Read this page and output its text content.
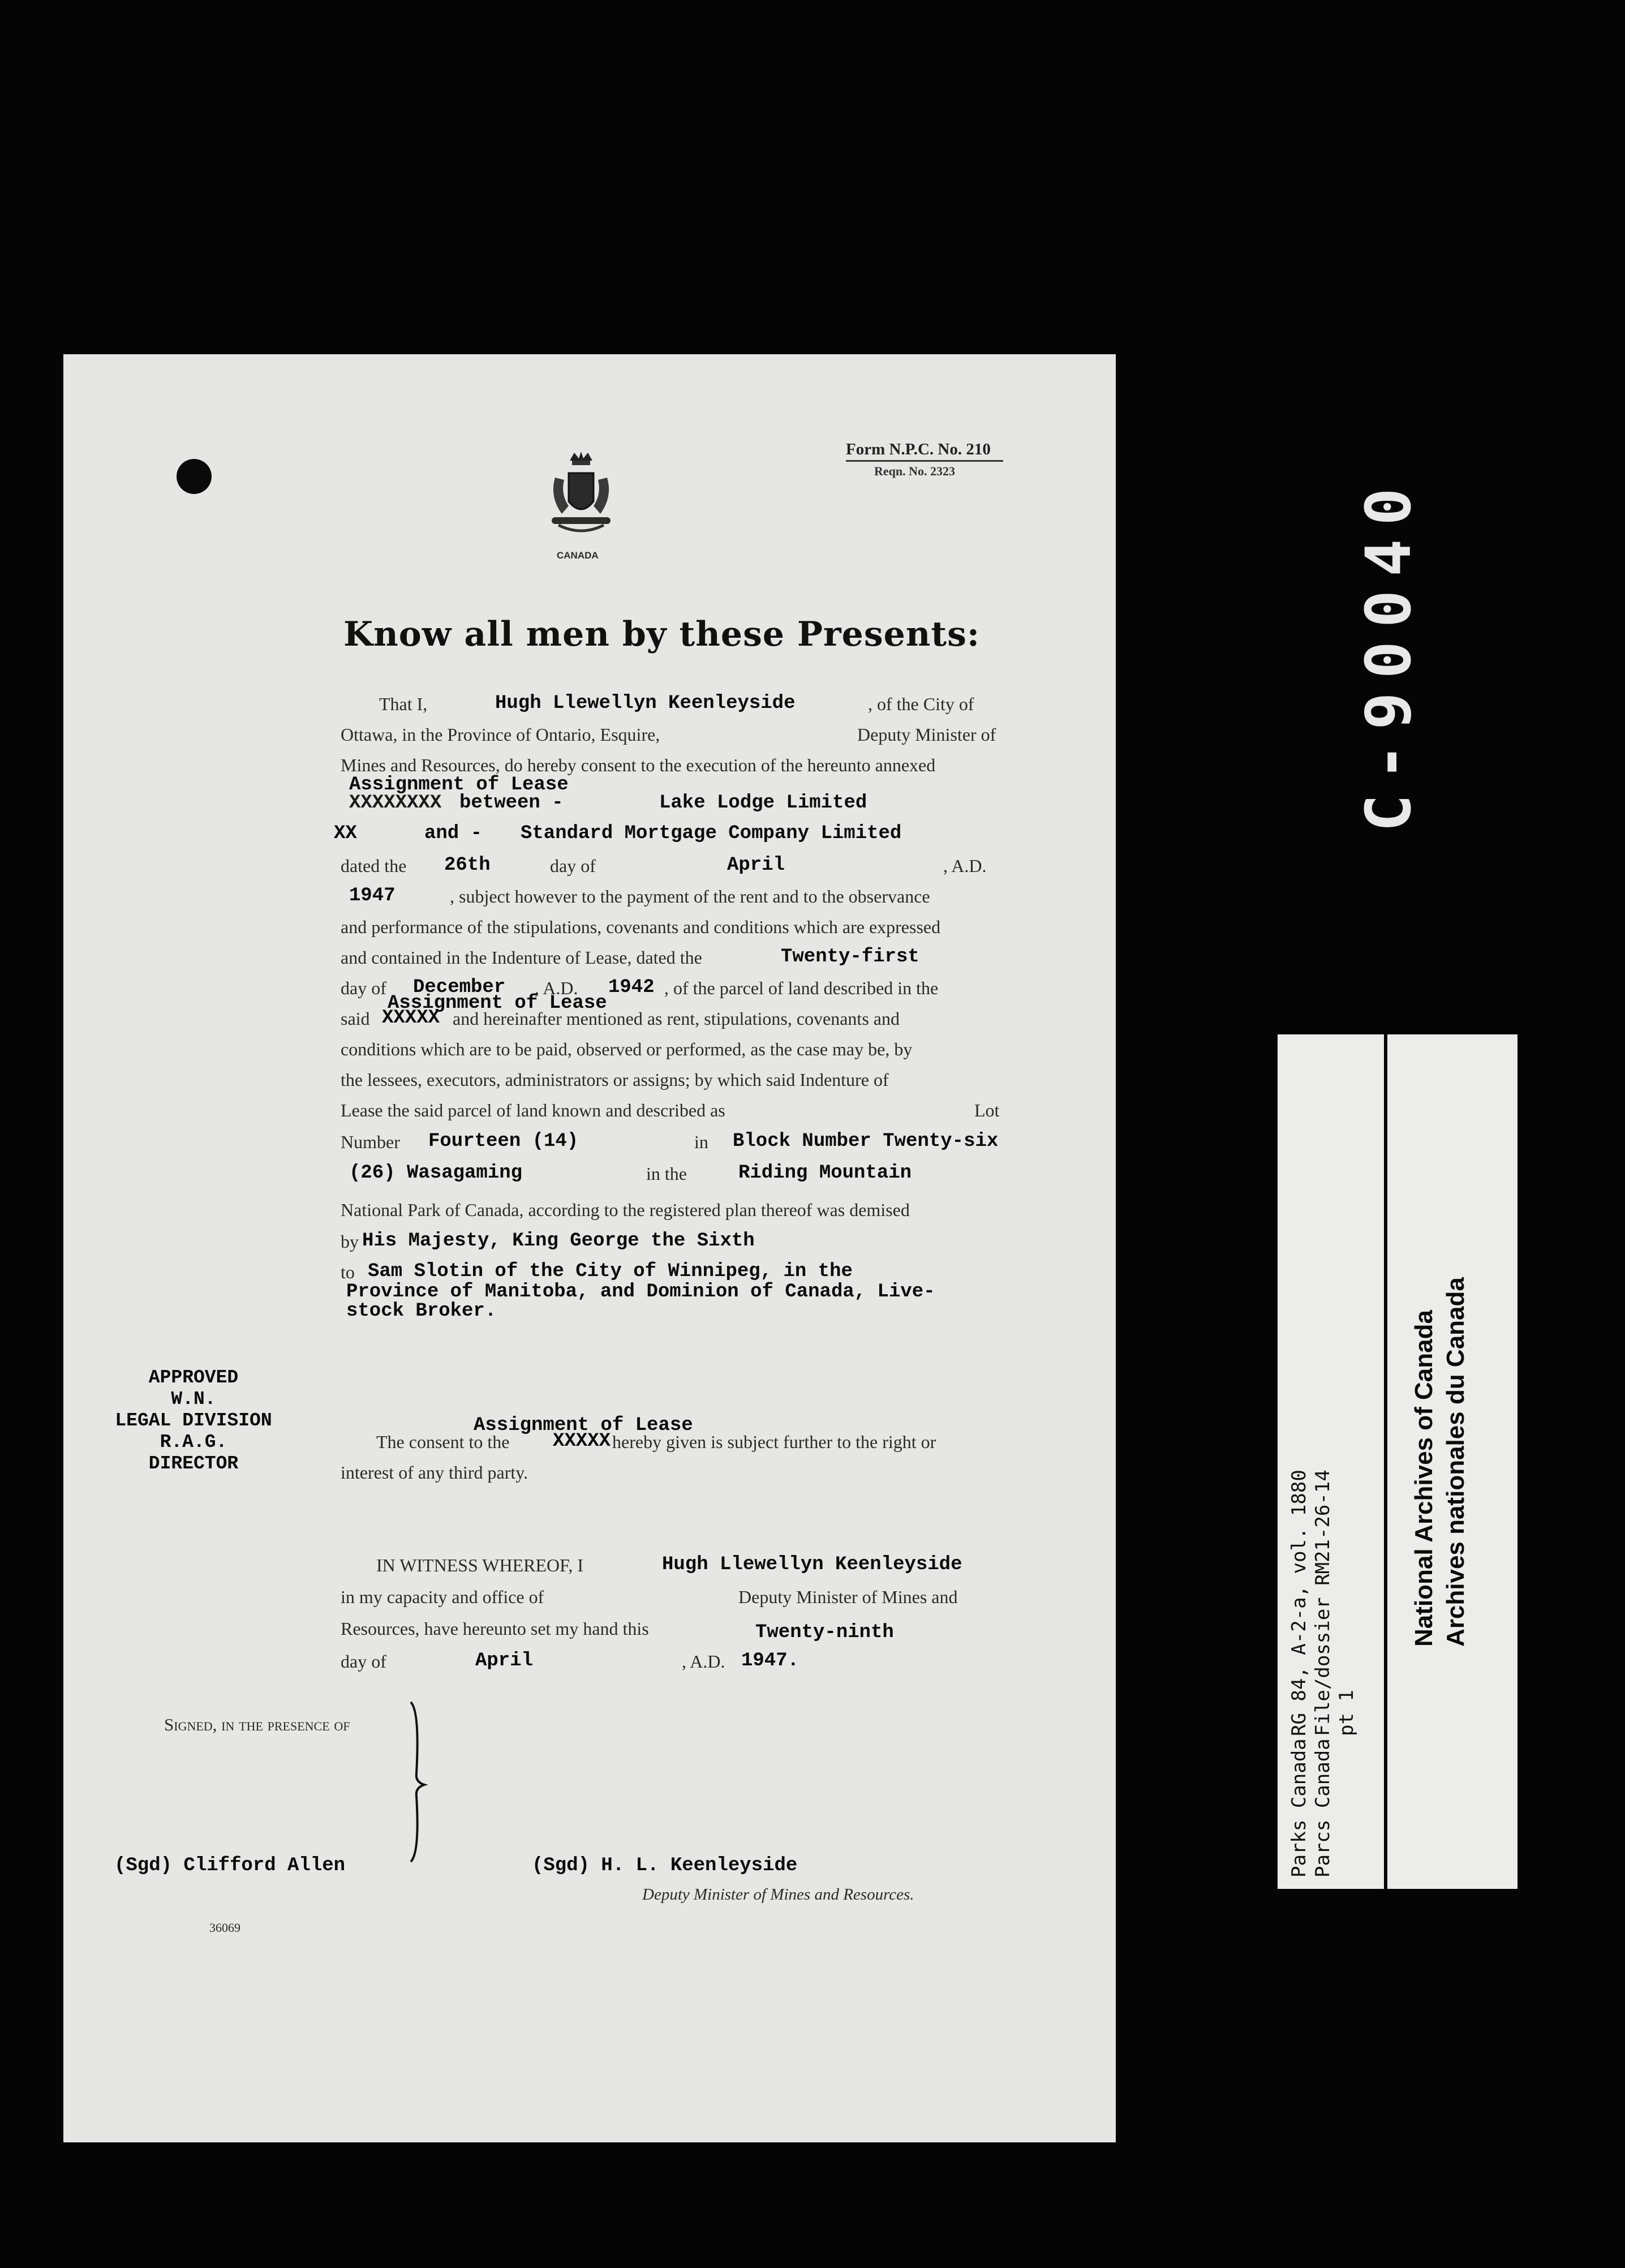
Form N.P.C. No. 210
Reqn. No. 2323
CANADA
Know all men by these Presents:
That I,	Hugh Llewellyn Keenleyside	, of the City of
Ottawa, in the Province of Ontario, Esquire,	Deputy Minister of
Mines and Resources, do hereby consent to the execution of the hereunto annexed
Assignment of Lease
XXXXXXXX between -	Lake Lodge Limited
XX	and - Standard Mortgage Company Limited
dated the 26th	day of	April	, A.D.
1947	, subject however to the payment of the rent and to the observance
and performance of the stipulations, covenants and conditions which are expressed
and contained in the Indenture of Lease, dated the	Twenty-first
day of December , A.D. 1942 , of the parcel of land described in the
Assignment of Lease
said XXXXX and hereinafter mentioned as rent, stipulations, covenants and
conditions which are to be paid, observed or performed, as the case may be, by
the lessees, executors, administrators or assigns; by which said Indenture of
Lease the said parcel of land known and described as	Lot
Number Fourteen (14)	in Block Number Twenty-six
(26) Wasagaming	in the	Riding Mountain
National Park of Canada, according to the registered plan thereof was demised
by His Majesty, King George the Sixth
to Sam Slotin of the City of Winnipeg, in the
Province of Manitoba, and Dominion of Canada, Live-
stock Broker.
APPROVED
W.N.
LEGAL DIVISION
R.A.G.
DIRECTOR
Assignment of Lease
The consent to the XXXXX hereby given is subject further to the right or
interest of any third party.
IN WITNESS WHEREOF, I	Hugh Llewellyn Keenleyside
in my capacity and office of	Deputy Minister of Mines and
Resources, have hereunto set my hand this	Twenty-ninth
day of	April	, A.D. 1947.
Signed, in the presence of
(Sgd) Clifford Allen	(Sgd) H. L. Keenleyside
Deputy Minister of Mines and Resources.
36069
C-90040
RG 84, A-2-a, vol. 1880 File/dossier RM21-26-14 pt 1
Parks Canada Parcs Canada
National Archives of Canada Archives nationales du Canada
